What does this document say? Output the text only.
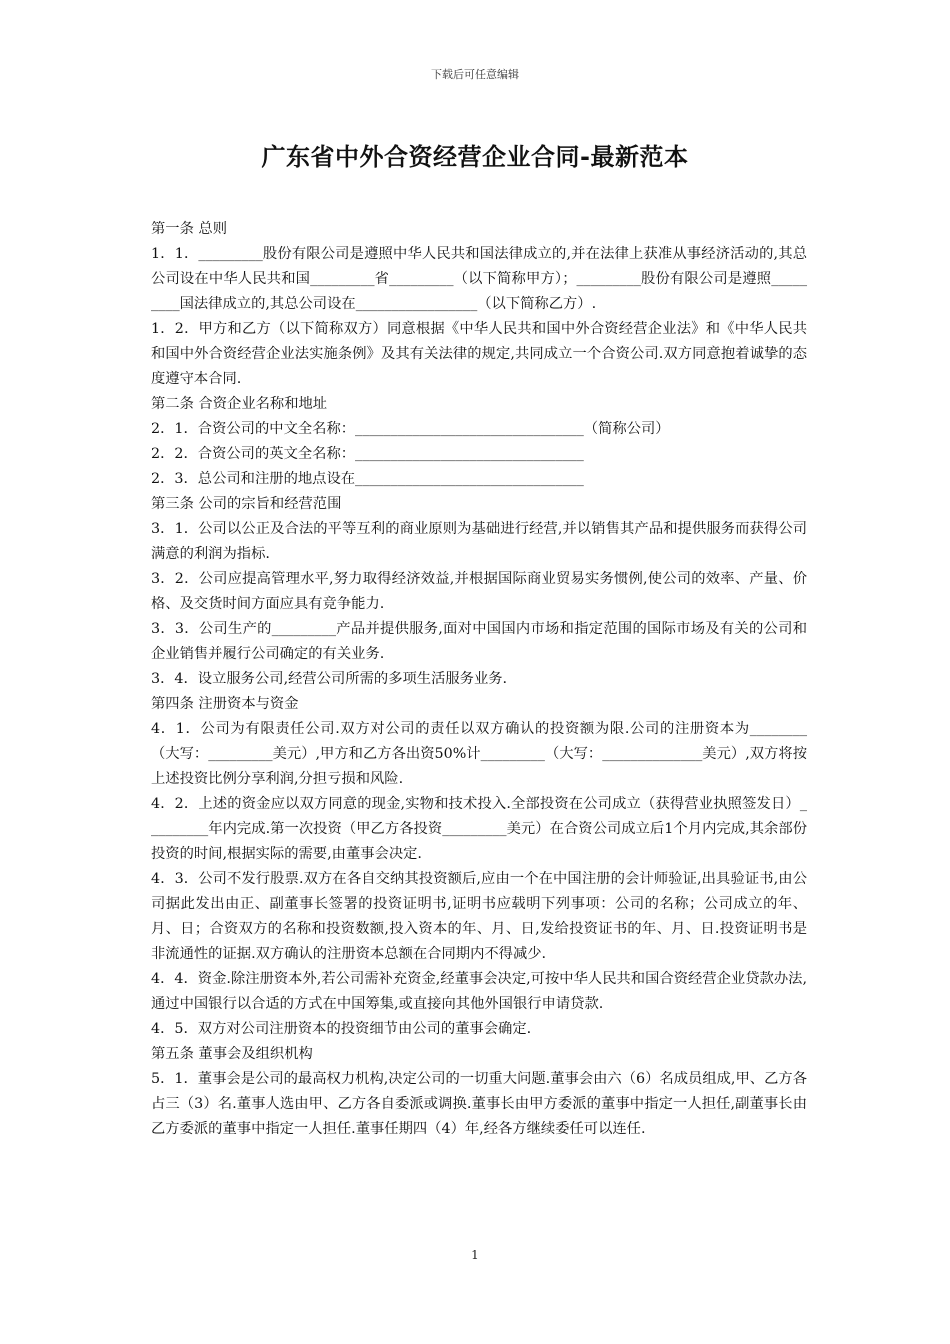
下载后可任意编辑
广东省中外合资经营企业合同-最新范本

第一条 总则

1．1．_________股份有限公司是遵照中华人民共和国法律成立的,并在法律上获准从事经济活动的,其总公司设在中华人民共和国_________省_________（以下简称甲方）；_________股份有限公司是遵照_________国法律成立的,其总公司设在_________________（以下简称乙方）.

1．2．甲方和乙方（以下简称双方）同意根据《中华人民共和国中外合资经营企业法》和《中华人民共和国中外合资经营企业法实施条例》及其有关法律的规定,共同成立一个合资公司.双方同意抱着诚挚的态度遵守本合同.

第二条 合资企业名称和地址

2．1．合资公司的中文全名称：________________________________（简称公司）

2．2．合资公司的英文全名称：________________________________

2．3．总公司和注册的地点设在________________________________

第三条 公司的宗旨和经营范围

3．1．公司以公正及合法的平等互利的商业原则为基础进行经营,并以销售其产品和提供服务而获得公司满意的利润为指标.

3．2．公司应提高管理水平,努力取得经济效益,并根据国际商业贸易实务惯例,使公司的效率、产量、价格、及交货时间方面应具有竞争能力.

3．3．公司生产的_________产品并提供服务,面对中国国内市场和指定范围的国际市场及有关的公司和企业销售并履行公司确定的有关业务.

3．4．设立服务公司,经营公司所需的多项生活服务业务.

第四条 注册资本与资金

4．1．公司为有限责任公司.双方对公司的责任以双方确认的投资额为限.公司的注册资本为________（大写：_________美元）,甲方和乙方各出资50%计_________（大写：______________美元）,双方将按上述投资比例分享利润,分担亏损和风险.

4．2．上述的资金应以双方同意的现金,实物和技术投入.全部投资在公司成立（获得营业执照签发日）_________年内完成.第一次投资（甲乙方各投资_________美元）在合资公司成立后1个月内完成,其余部份投资的时间,根据实际的需要,由董事会决定.

4．3．公司不发行股票.双方在各自交纳其投资额后,应由一个在中国注册的会计师验证,出具验证书,由公司据此发出由正、副董事长签署的投资证明书,证明书应载明下列事项：公司的名称；公司成立的年、月、日；合资双方的名称和投资数额,投入资本的年、月、日,发给投资证书的年、月、日.投资证明书是非流通性的证据.双方确认的注册资本总额在合同期内不得减少.

4．4．资金.除注册资本外,若公司需补充资金,经董事会决定,可按中华人民共和国合资经营企业贷款办法,通过中国银行以合适的方式在中国筹集,或直接向其他外国银行申请贷款.

4．5．双方对公司注册资本的投资细节由公司的董事会确定.

第五条 董事会及组织机构

5．1．董事会是公司的最高权力机构,决定公司的一切重大问题.董事会由六（6）名成员组成,甲、乙方各占三（3）名.董事人选由甲、乙方各自委派或调换.董事长由甲方委派的董事中指定一人担任,副董事长由乙方委派的董事中指定一人担任.董事任期四（4）年,经各方继续委任可以连任.

1
